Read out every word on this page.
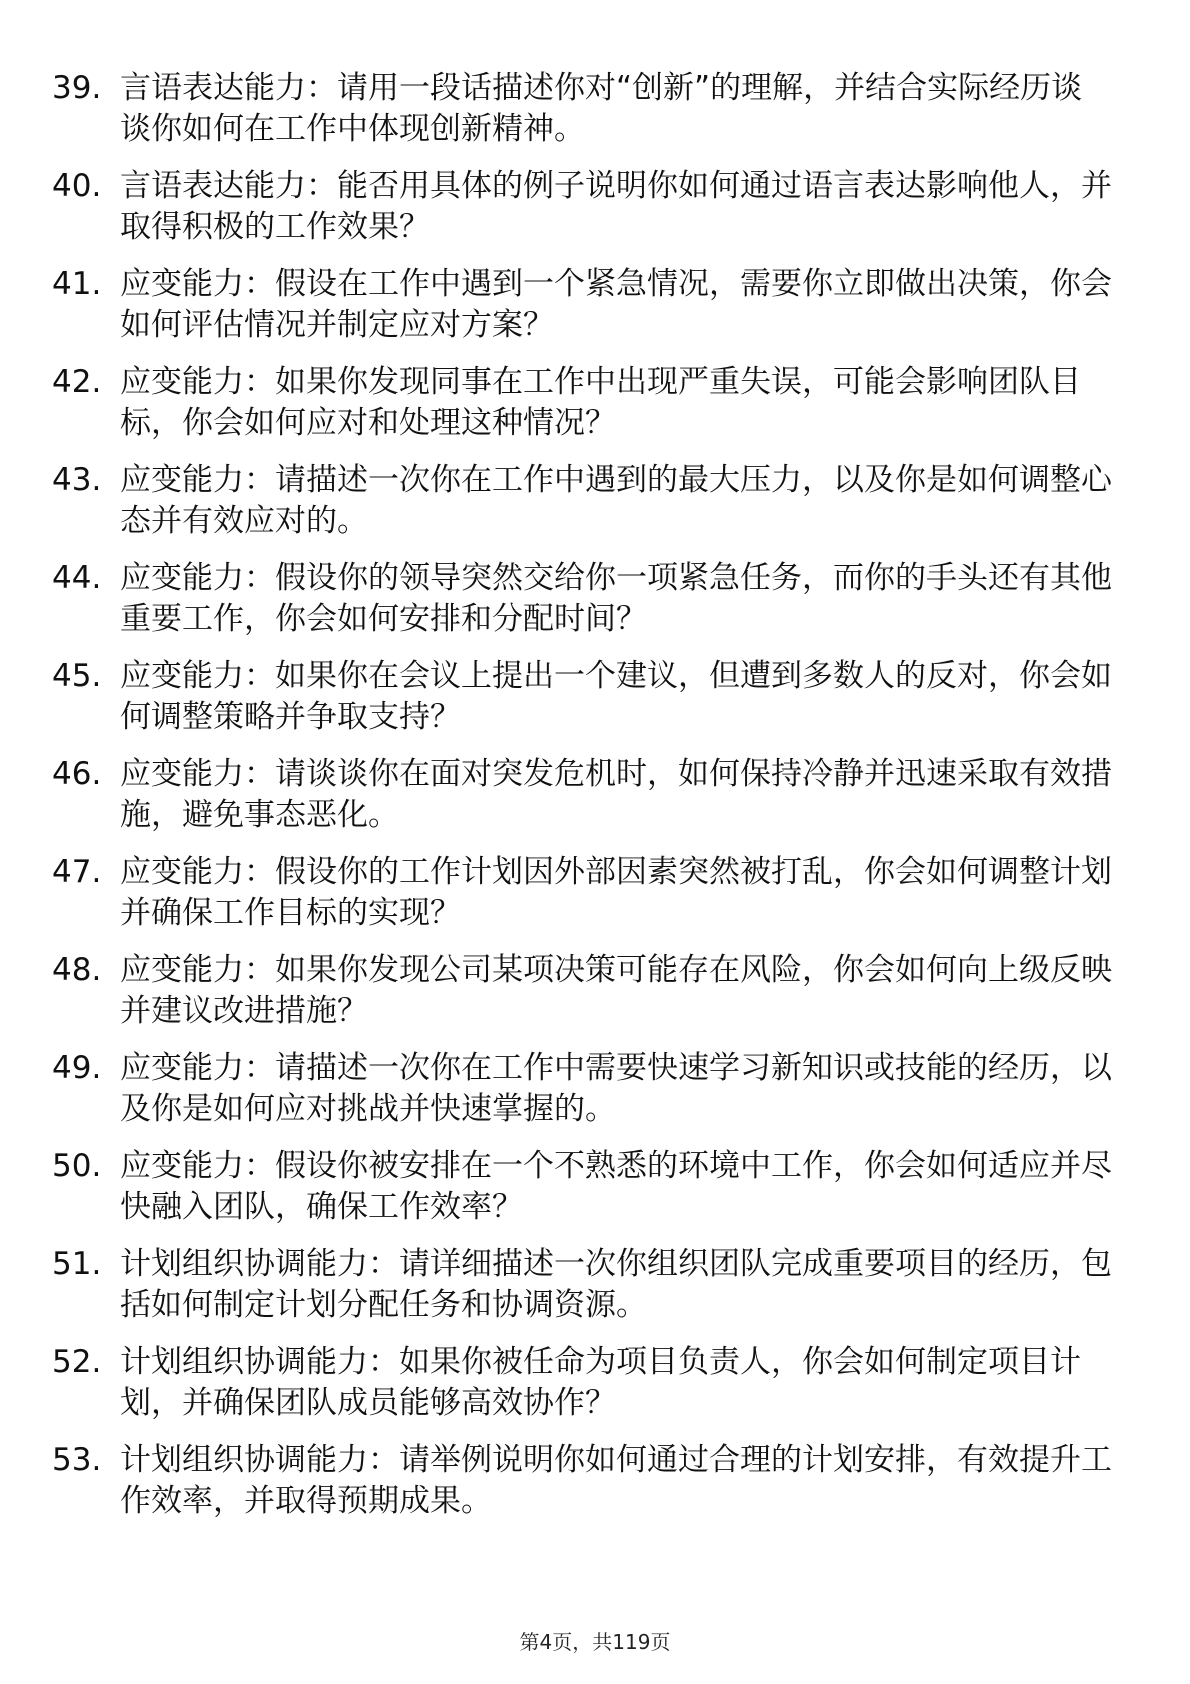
39. 言语表达能力：请用一段话描述你对“创新”的理解，并结合实际经历谈谈你如何在工作中体现创新精神。
40. 言语表达能力：能否用具体的例子说明你如何通过语言表达影响他人，并取得积极的工作效果？
41. 应变能力：假设在工作中遇到一个紧急情况，需要你立即做出决策，你会如何评估情况并制定应对方案？
42. 应变能力：如果你发现同事在工作中出现严重失误，可能会影响团队目标，你会如何应对和处理这种情况？
43. 应变能力：请描述一次你在工作中遇到的最大压力，以及你是如何调整心态并有效应对的。
44. 应变能力：假设你的领导突然交给你一项紧急任务，而你的手头还有其他重要工作，你会如何安排和分配时间？
45. 应变能力：如果你在会议上提出一个建议，但遭到多数人的反对，你会如何调整策略并争取支持？
46. 应变能力：请谈谈你在面对突发危机时，如何保持冷静并迅速采取有效措施，避免事态恶化。
47. 应变能力：假设你的工作计划因外部因素突然被打乱，你会如何调整计划并确保工作目标的实现？
48. 应变能力：如果你发现公司某项决策可能存在风险，你会如何向上级反映并建议改进措施？
49. 应变能力：请描述一次你在工作中需要快速学习新知识或技能的经历，以及你是如何应对挑战并快速掌握的。
50. 应变能力：假设你被安排在一个不熟悉的环境中工作，你会如何适应并尽快融入团队，确保工作效率？
51. 计划组织协调能力：请详细描述一次你组织团队完成重要项目的经历，包括如何制定计划分配任务和协调资源。
52. 计划组织协调能力：如果你被任命为项目负责人，你会如何制定项目计划，并确保团队成员能够高效协作？
53. 计划组织协调能力：请举例说明你如何通过合理的计划安排，有效提升工作效率，并取得预期成果。
第4页，共119页
